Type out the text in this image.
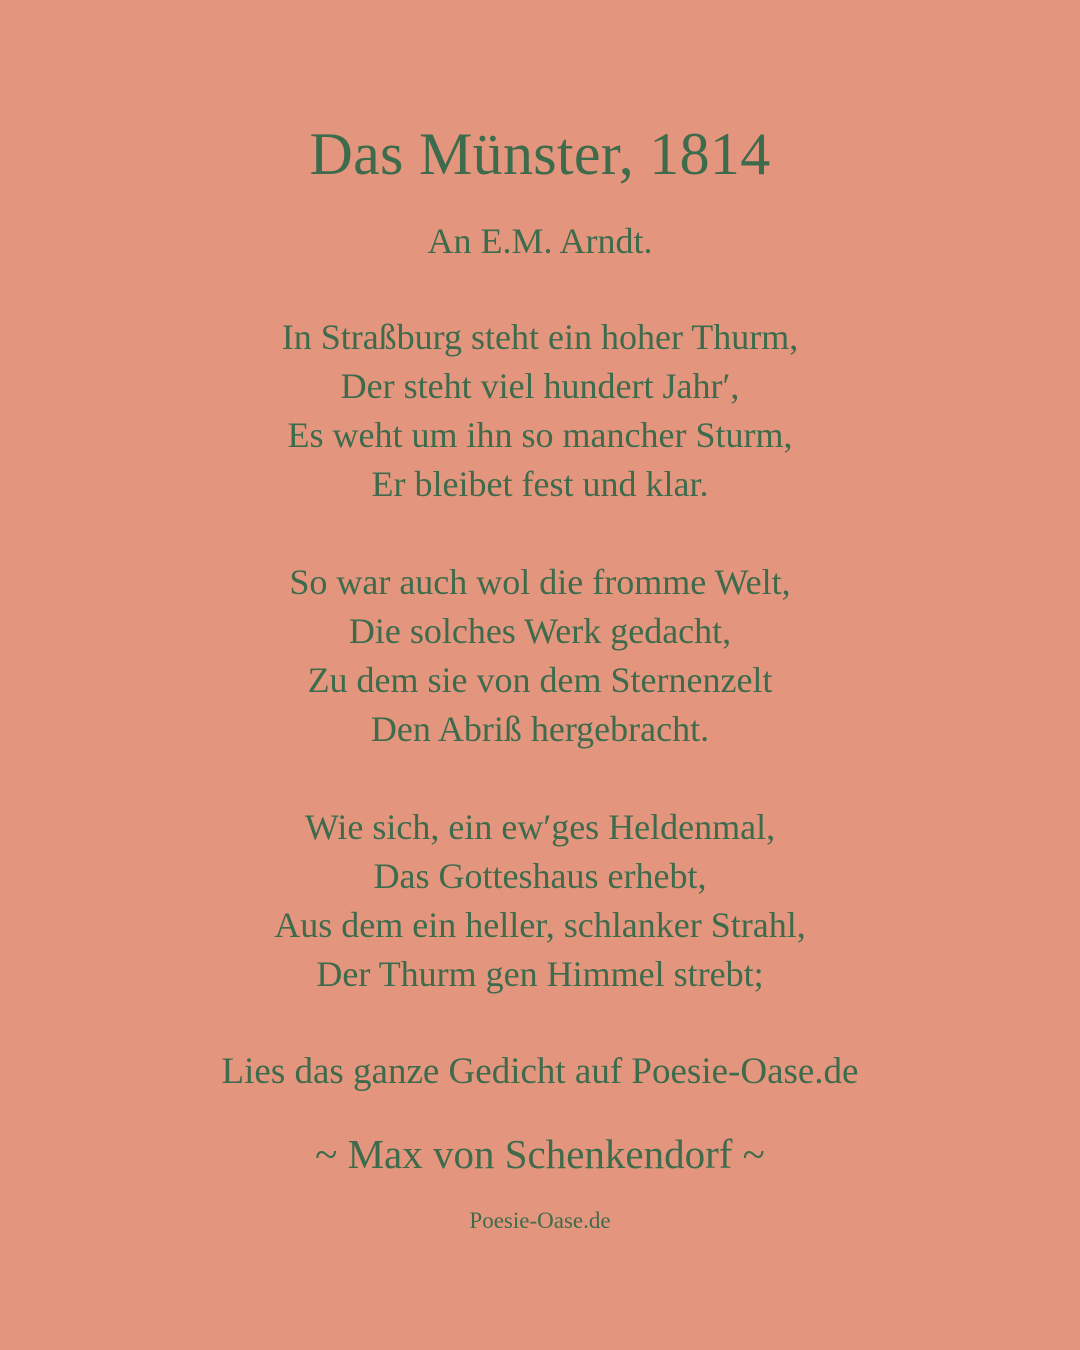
Das Münster, 1814
An E.M. Arndt.
In Straßburg steht ein hoher Thurm,
Der steht viel hundert Jahr′,
Es weht um ihn so mancher Sturm,
Er bleibet fest und klar.
So war auch wol die fromme Welt,
Die solches Werk gedacht,
Zu dem sie von dem Sternenzelt
Den Abriß hergebracht.
Wie sich, ein ew′ges Heldenmal,
Das Gotteshaus erhebt,
Aus dem ein heller, schlanker Strahl,
Der Thurm gen Himmel strebt;
Lies das ganze Gedicht auf Poesie-Oase.de
~ Max von Schenkendorf ~
Poesie-Oase.de
